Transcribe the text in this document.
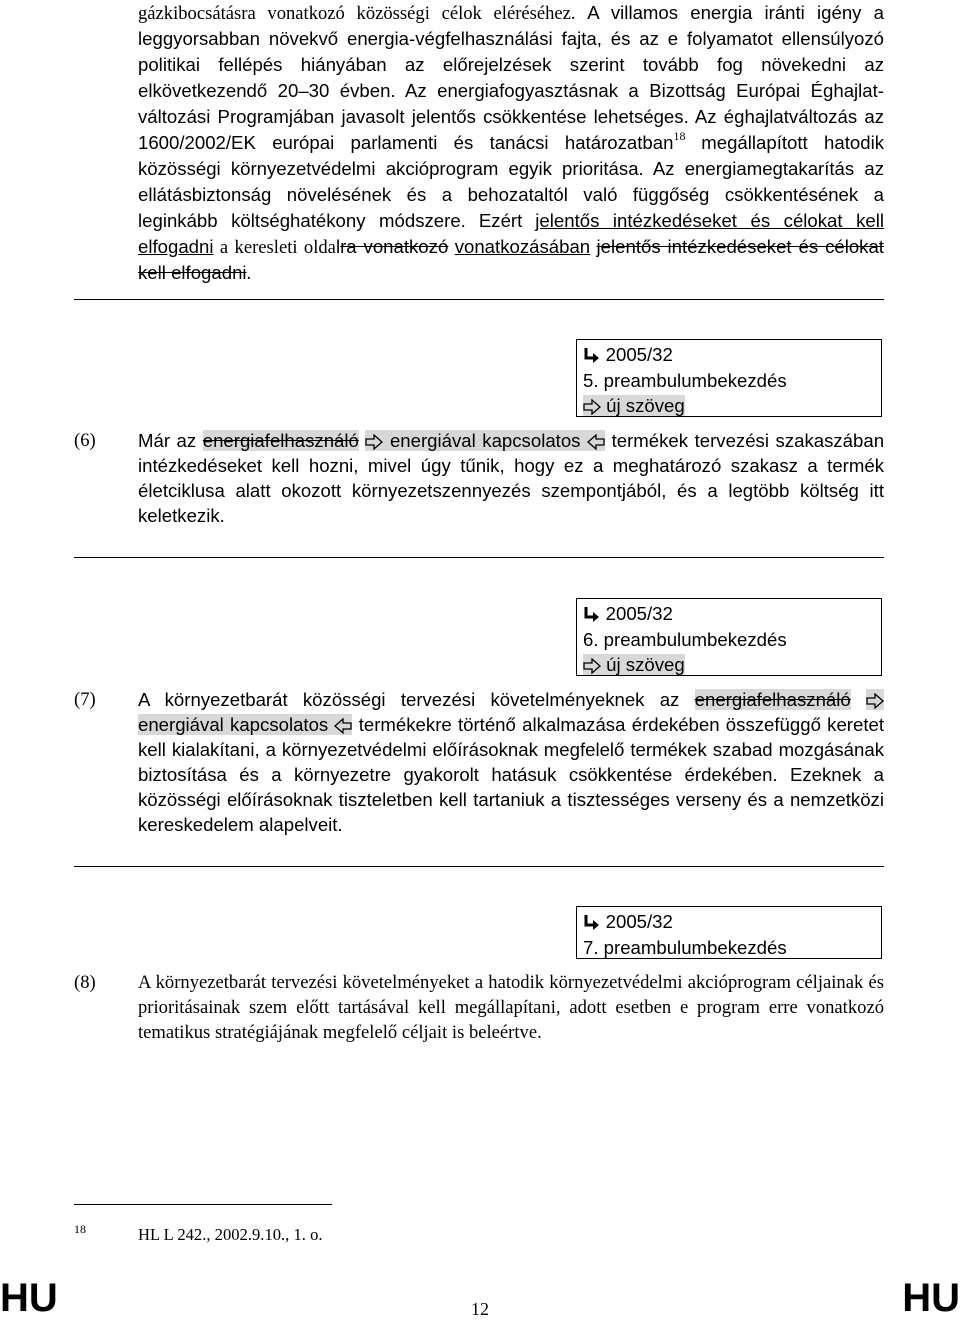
gázkibocsátásra vonatkozó közösségi célok eléréséhez. A villamos energia iránti igény a leggyorsabban növekvő energia-végfelhasználási fajta, és az e folyamatot ellensúlyozó politikai fellépés hiányában az előrejelzések szerint tovább fog növekedni az elkövetkezendő 20–30 évben. Az energiafogyasztásnak a Bizottság Európai Éghajlat-változási Programjában javasolt jelentős csökkentése lehetséges. Az éghajlatváltozás az 1600/2002/EK európai parlamenti és tanácsi határozatban$^{18}$ megállapított hatodik közösségi környezetvédelmi akcióprogram egyik prioritása. Az energiamegtakarítás az ellátásbiztonság növelésének és a behozataltól való függőség csökkentésének a leginkább költséghatékony módszere. Ezért jelentős intézkedéseket és célokat kell elfogadni a keresleti oldalra vonatkozó vonatkozásában jelentős intézkedéseket és célokat kell elfogadni.
2005/32
5. preambulumbekezdés
új szöveg
(6) Már az energiafelhasználó energiával kapcsolatos termékek tervezési szakaszában intézkedéseket kell hozni, mivel úgy tűnik, hogy ez a meghatározó szakasz a termék életciklusa alatt okozott környezetszennyezés szempontjából, és a legtöbb költség itt keletkezik.
2005/32
6. preambulumbekezdés
új szöveg
(7) A környezetbarát közösségi tervezési követelményeknek az energiafelhasználó  energiával kapcsolatos termékekre történő alkalmazása érdekében összefüggő keretet kell kialakítani, a környezetvédelmi előírásoknak megfelelő termékek szabad mozgásának biztosítása és a környezetre gyakorolt hatásuk csökkentése érdekében. Ezeknek a közösségi előírásoknak tiszteletben kell tartaniuk a tisztességes verseny és a nemzetközi kereskedelem alapelveit.
2005/32
7. preambulumbekezdés
(8) A környezetbarát tervezési követelményeket a hatodik környezetvédelmi akcióprogram céljainak és prioritásainak szem előtt tartásával kell megállapítani, adott esetben e program erre vonatkozó tematikus stratégiájának megfelelő céljait is beleértve.
18	HL L 242., 2002.9.10., 1. o.
HU	12	HU
